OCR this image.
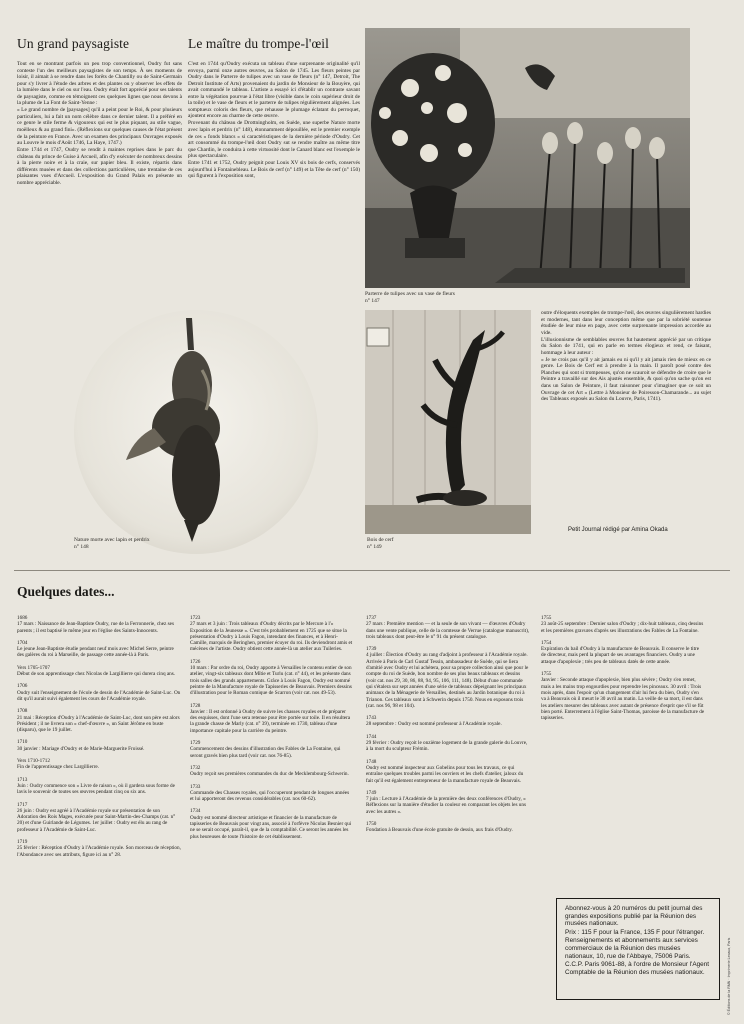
Un grand paysagiste

Tout en se montrant parfois un peu trop conventionnel, Oudry fut sans conteste l'un des meilleurs paysagistes de son temps. À ses moments de loisir, il aimait à se rendre dans les forêts de Chantilly ou de Saint-Germain pour s'y livrer à l'étude des arbres et des plantes ou y observer les effets de la lumière dans le ciel ou sur l'eau. Oudry était fort apprécié pour ses talents de paysagiste, comme en témoignent ces quelques lignes que nous devons à la plume de La Font de Saint-Yenne :

« Le grand nombre de [paysages] qu'il a peint pour le Roi, & pour plusieurs particuliers, lui a fait un nom célèbre dans ce dernier talent. Il a préféré en ce genre le stile ferme & vigoureux qui est le plus piquant, au stile vague, moëlleux & au grand fini». (Réflexions sur quelques causes de l'état présent de la peinture en France. Avec un examen des principaux Ouvrages exposés au Louvre le mois d'Août 1746, La Haye, 1747.)

Entre 1744 et 1747, Oudry se rendit à maintes reprises dans le parc du château du prince de Guise à Arcueil, afin d'y exécuter de nombreux dessins à la pierre noire et à la craie, sur papier bleu. Il existe, répartis dans différents musées et dans des collections particulières, une trentaine de ces plaisantes vues d'Arcueil. L'exposition du Grand Palais en présente un nombre appréciable.

Le maître du trompe-l'œil

C'est en 1744 qu'Oudry exécuta un tableau d'une surprenante originalité qu'il envoya, parmi onze autres œuvres, au Salon de 1745. Les fleurs peintes par Oudry dans le Parterre de tulipes avec un vase de fleurs (n° 147, Detroit, The Detroit Institute of Arts) provenaient du jardin de Monsieur de la Bouyère, qui avait commandé le tableau. L'artiste a essayé ici d'établir un contraste savant entre la végétation pourvue à l'état libre (visible dans le coin supérieur droit de la toile) et le vase de fleurs et le parterre de tulipes régulièrement alignées. Les somptueux coloris des fleurs, que rehausse le plumage éclatant du perroquet, ajoutent encore au charme de cette œuvre.

Provenant du château de Drottningholm, en Suède, une superbe Nature morte avec lapin et perdrix (n° 148), étonnamment dépouillée, est le premier exemple de ces « fonds blancs » si caractéristiques de la dernière période d'Oudry. Cet art consommé du trompe-l'œil dont Oudry sut se rendre maître au même titre que Chardin, le conduira à cette virtuosité dont le Canard blanc est l'exemple le plus spectaculaire.

Entre 1741 et 1752, Oudry peignit pour Louis XV six bois de cerfs, conservés aujourd'hui à Fontainebleau. Le Bois de cerf (n° 149) et la Tête de cerf (n° 150) qui figurent à l'exposition sont,

Parterre de tulipes avec un vase de fleurs
n° 147
Nature morte avec lapin et perdrix
n° 148
Bois de cerf
n° 149

outre d'éloquents exemples de trompe-l'œil, des œuvres singulièrement hardies et modernes, tant dans leur conception même que par la sobriété soutenue étudiée de leur mise en page, avec cette surprenante impression accordée au vide.

L'illusionnisme de semblables œuvres fut hautement apprécié par un critique du Salon de 1741, qui en parle en termes élogieux et rend, ce faisant, hommage à leur auteur :

« Je ne crois pas qu'il y ait jamais eu ni qu'il y ait jamais rien de mieux en ce genre. Le Bois de Cerf est à prendre à la main. Il paroît posé contre des Planches qui sont si trompeuses, qu'on ne scauroit se défendre de croire que le Peintre a travaillé sur des Ais ajustés ensemble, & quoi qu'on sache qu'on est dans un Salon de Peinture, il faut raisonner pour s'imaginer que ce soit un Ouvrage de cet Art » (Lettre à Monsieur de Poiresson-Chamarande... au sujet des Tableaux exposés au Salon du Louvre, Paris, 1741).

Petit Journal rédigé par Amina Okada
Quelques dates...
1686
17 mars : Naissance de Jean-Baptiste Oudry, rue de la Ferronnerie, chez ses parents ; il est baptisé le même jour en l'église des Saints-Innocents.
1704
Le jeune Jean-Baptiste étudie pendant neuf mois avec Michel Serre, peintre des galères du roi à Marseille, de passage cette année-là à Paris.
Vers 1705-1707
Début de son apprentissage chez Nicolas de Largillierre qui durera cinq ans.
1706
Oudry suit l'enseignement de l'école de dessin de l'Académie de Saint-Luc. On dit qu'il aurait suivi également les cours de l'Académie royale.
1708
21 mai : Réception d'Oudry à l'Académie de Saint-Luc, dont son père est alors Président ; il ne livrera son « chef-d'œuvre », un Saint Jérôme en buste (disparu), que le 19 juillet.
1710
30 janvier : Mariage d'Oudry et de Marie-Marguerite Froissé.
Vers 1710-1712
Fin de l'apprentissage chez Largillierre.
1713
Juin : Oudry commence son « Livre de raison », où il gardera sous forme de lavis le souvenir de toutes ses œuvres pendant cinq ou six ans.
1717
26 juin : Oudry est agréé à l'Académie royale sur présentation de son Adoration des Rois Mages, exécutée pour Saint-Martin-des-Champs (cat. n° 20) et d'une Guirlande de Légumes. 1er juillet : Oudry est élu au rang de professeur à l'Académie de Saint-Luc.
1719
25 février : Réception d'Oudry à l'Académie royale. Son morceau de réception, l'Abondance avec ses attributs, figure ici au n° 28.
1723
27 mars et 3 juin : Trois tableaux d'Oudry décrits par le Mercure à l'« Exposition de la Jeunesse ». C'est très probablement en 1725 que se situe la présentation d'Oudry à Louis Fagon, intendant des finances, et à Henri-Camille, marquis de Beringhen, premier écuyer du roi. Ils deviendront amis et mécènes de l'artiste. Oudry obtient cette année-là un atelier aux Tuileries.
1726
10 mars : Par ordre du roi, Oudry apporte à Versailles le contenu entier de son atelier, vingt-six tableaux dont Mîtie et Turlu (cat. n° 44), et les présente dans trois salles des grands appartements. Grâce à Louis Fagon, Oudry est nommé peintre de la Manufacture royale de Tapisseries de Beauvais. Premiers dessins d'illustration pour le Roman comique de Scarron (voir cat. nos 49-53).
1728
Janvier : Il est ordonné à Oudry de suivre les chasses royales et de préparer des esquisses, dont l'une sera retenue pour être portée sur toile. Il en résultera la grande chasse de Marly (cat. n° 39), terminée en 1730, tableau d'une importance capitale pour la carrière du peintre.
1729
Commencement des dessins d'illustration des Fables de La Fontaine, qui seront gravés bien plus tard (voir cat. nos 76-85).
1732
Oudry reçoit ses premières commandes du duc de Mecklembourg-Schwerin.
1733
Commande des Chasses royales, qui l'occuperont pendant de longues années et lui apporteront des revenus considérables (cat. nos 60-62).
1734
Oudry est nommé directeur artistique et financier de la manufacture de tapisseries de Beauvais pour vingt ans, associé à l'orfèvre Nicolas Besnier qui ne se serait occupé, paraît-il, que de la comptabilité. Ce seront les années les plus heureuses de toute l'histoire de cet établissement.
1737
27 mars : Première mention — et la seule de son vivant — d'œuvres d'Oudry dans une vente publique, celle de la comtesse de Verrue (catalogue manuscrit), trois tableaux dont peut-être le n° 91 du présent catalogue.
1739
4 juillet : Élection d'Oudry au rang d'adjoint à professeur à l'Académie royale. Arrivée à Paris de Carl Gustaf Tessin, ambassadeur de Suède, qui se liera d'amitié avec Oudry et lui achètera, pour sa propre collection ainsi que pour le compte du roi de Suède, bon nombre de ses plus beaux tableaux et dessins (voir cat. nos 29, 30, 86, 88, 94, 95, 106, 111, 148). Début d'une commande qui s'étalera sur sept années d'une série de tableaux dépeignant les principaux animaux de la Ménagerie de Versailles, destinés au Jardin botanique du roi à Trianon. Ces tableaux sont à Schwerin depuis 1750. Nous en exposons trois (cat. nos 96, 98 et 104).
1743
28 septembre : Oudry est nommé professeur à l'Académie royale.
1744
29 février : Oudry reçoit le onzième logement de la grande galerie du Louvre, à la mort du sculpteur Frémin.
1748
Oudry est nommé inspecteur aux Gobelins pour tous les travaux, ce qui entraîne quelques troubles parmi les ouvriers et les chefs d'atelier, jaloux du fait qu'il est également entrepreneur de la manufacture royale de Beauvais.
1749
7 juin : Lecture à l'Académie de la première des deux conférences d'Oudry, « Réflexions sur la manière d'étudier la couleur en comparant les objets les uns avec les autres ».
1750
Fondation à Beauvais d'une école gratuite de dessin, aux frais d'Oudry.
1755
23 août-25 septembre : Dernier salon d'Oudry ; dix-huit tableaux, cinq dessins et les premières gravures d'après ses illustrations des Fables de La Fontaine.
1754
Expiration du bail d'Oudry à la manufacture de Beauvais. Il conserve le titre de directeur, mais perd la plupart de ses avantages financiers. Oudry a une attaque d'apoplexie ; très peu de tableaux datés de cette année.
1755
Janvier : Seconde attaque d'apoplexie, bien plus sévère ; Oudry s'en remet, mais a les mains trop engourdies pour reprendre les pinceaux. 30 avril : Trois mois après, dans l'espoir qu'un changement d'air lui fera du bien, Oudry s'en va à Beauvais où il meurt le 30 avril au matin. La veille de sa mort, il est dans les ateliers mesurer des tableaux avec autant de présence d'esprit que s'il se fût bien porté. Enterrement à l'église Saint-Thomas, paroisse de la manufacture de tapisseries.

Abonnez-vous à 20 numéros du petit journal des grandes expositions publié par la Réunion des musées nationaux.

Prix : 115 F pour la France, 135 F pour l'étranger.

Renseignements et abonnements aux services commerciaux de la Réunion des musées nationaux, 10, rue de l'Abbaye, 75006 Paris.

C.C.P. Paris 9061-88, à l'ordre de Monsieur l'Agent Comptable de la Réunion des musées nationaux.	© Éditions de la RMN · Imprimerie Lecaux, Paris
